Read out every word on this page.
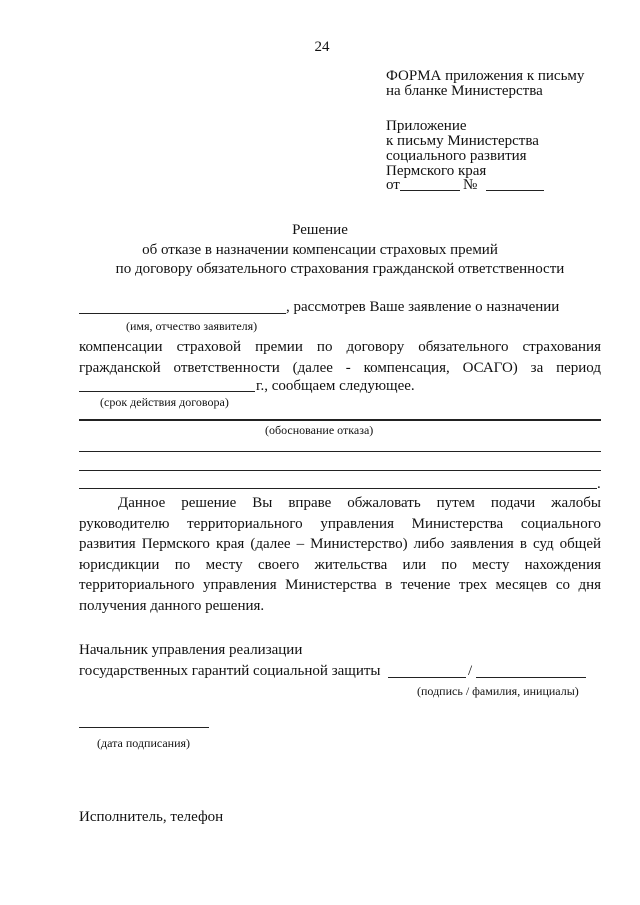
24
ФОРМА приложения к письму
на бланке Министерства
Приложение
к письму Министерства
социального развития
Пермского края
от	№
Решение
об отказе в назначении компенсации страховых премий
по договору обязательного страхования гражданской ответственности
, рассмотрев Ваше заявление о назначении
(имя, отчество заявителя)
компенсации страховой премии по договору обязательного страхования
гражданской ответственности (далее - компенсация, ОСАГО) за период
г., сообщаем следующее.
(срок действия договора)
(обоснование отказа)
.
Данное решение Вы вправе обжаловать путем подачи жалобы
руководителю территориального управления Министерства социального
развития Пермского края (далее – Министерство) либо заявления в суд общей
юрисдикции по месту своего жительства или по месту нахождения
территориального управления Министерства в течение трех месяцев со дня
получения данного решения.
Начальник управления реализации
государственных гарантий социальной защиты	/
(подпись / фамилия, инициалы)
(дата подписания)
Исполнитель, телефон
